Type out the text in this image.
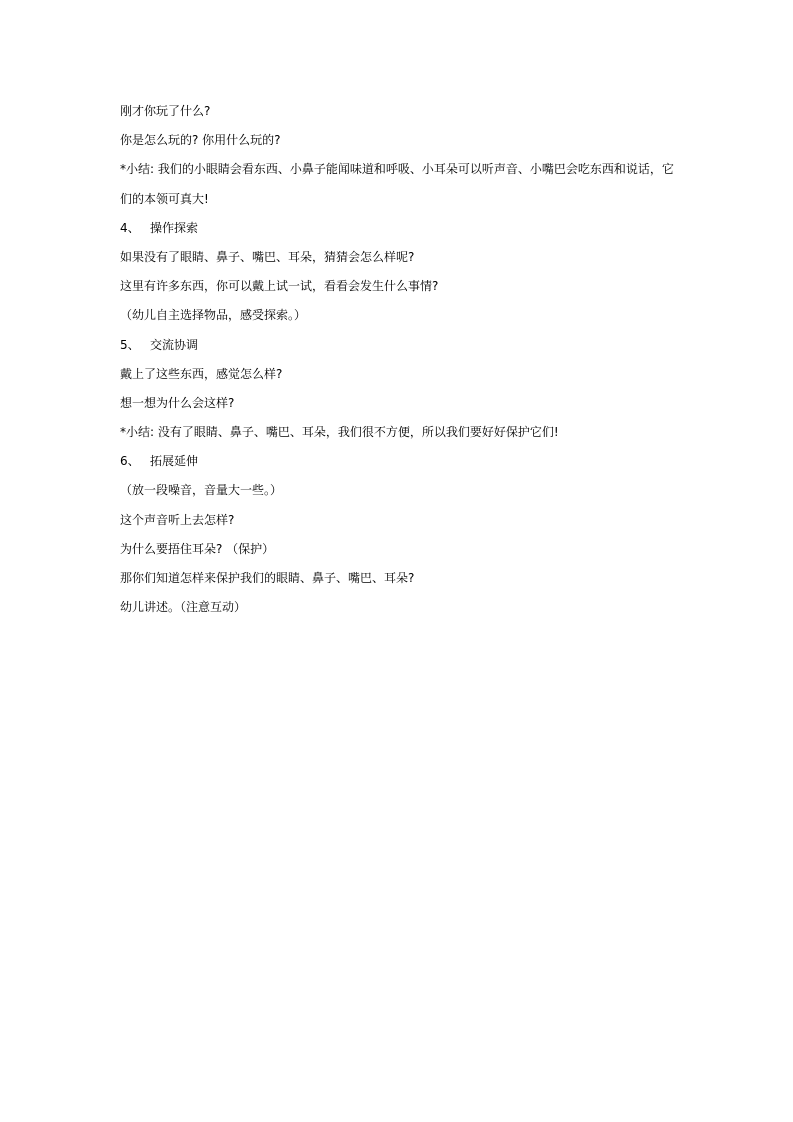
刚才你玩了什么?
你是怎么玩的? 你用什么玩的?
*小结: 我们的小眼睛会看东西、小鼻子能闻味道和呼吸、小耳朵可以听声音、小嘴巴会吃东西和说话，它
们的本领可真大!
4、 操作探索
如果没有了眼睛、鼻子、嘴巴、耳朵，猜猜会怎么样呢?
这里有许多东西，你可以戴上试一试，看看会发生什么事情?
（幼儿自主选择物品，感受探索。）
5、 交流协调
戴上了这些东西，感觉怎么样?
想一想为什么会这样?
*小结: 没有了眼睛、鼻子、嘴巴、耳朵，我们很不方便，所以我们要好好保护它们!
6、 拓展延伸
（放一段噪音，音量大一些。）
这个声音听上去怎样?
为什么要捂住耳朵? （保护）
那你们知道怎样来保护我们的眼睛、鼻子、嘴巴、耳朵?
幼儿讲述。（注意互动）
